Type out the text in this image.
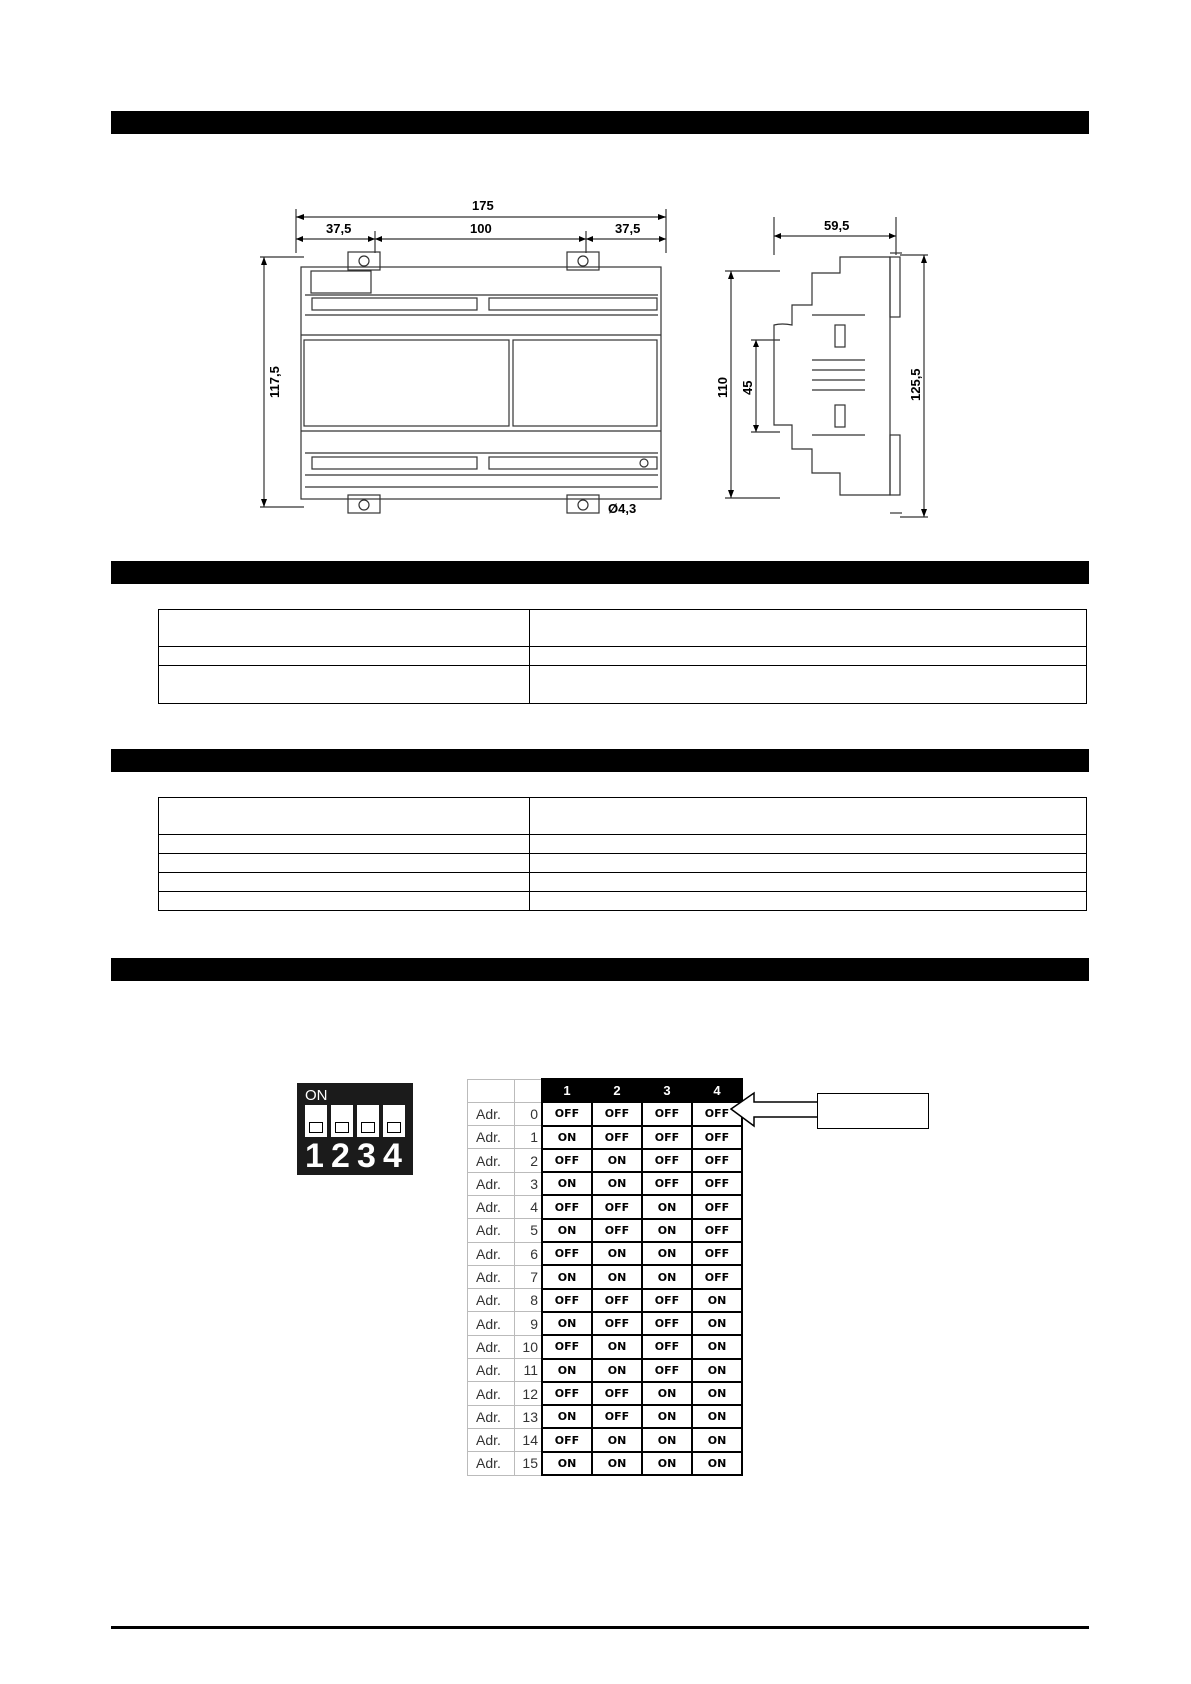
175
37,5	100	37,5
117,5
Ø4,3
59,5
110 45	125,5

ON
1 2 3 4
		1	2	3	4
Adr.	0	OFF	OFF	OFF	OFF
Adr.	1	ON	OFF	OFF	OFF
Adr.	2	OFF	ON	OFF	OFF
Adr.	3	ON	ON	OFF	OFF
Adr.	4	OFF	OFF	ON	OFF
Adr.	5	ON	OFF	ON	OFF
Adr.	6	OFF	ON	ON	OFF
Adr.	7	ON	ON	ON	OFF
Adr.	8	OFF	OFF	OFF	ON
Adr.	9	ON	OFF	OFF	ON
Adr.	10	OFF	ON	OFF	ON
Adr.	11	ON	ON	OFF	ON
Adr.	12	OFF	OFF	ON	ON
Adr.	13	ON	OFF	ON	ON
Adr.	14	OFF	ON	ON	ON
Adr.	15	ON	ON	ON	ON
